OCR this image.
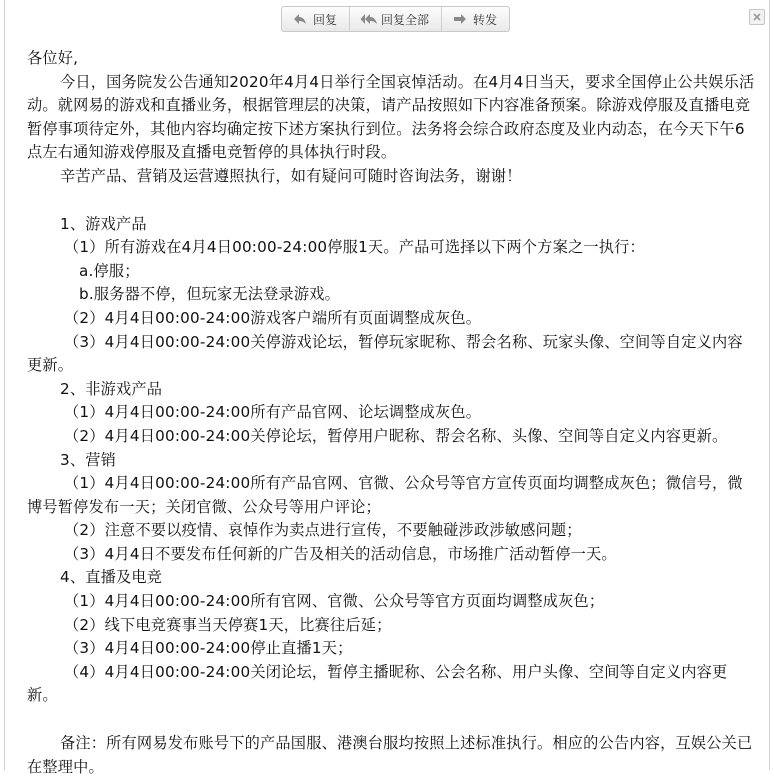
回复	回复全部	转发

各位好,

今日，国务院发公告通知2020年4月4日举行全国哀悼活动。在4月4日当天，要求全国停止公共娱乐活动。就网易的游戏和直播业务，根据管理层的决策，请产品按照如下内容准备预案。除游戏停服及直播电竞暂停事项待定外，其他内容均确定按下述方案执行到位。法务将会综合政府态度及业内动态，在今天下午6点左右通知游戏停服及直播电竞暂停的具体执行时段。

辛苦产品、营销及运营遵照执行，如有疑问可随时咨询法务，谢谢！

1、游戏产品

（1）所有游戏在4月4日00:00-24:00停服1天。产品可选择以下两个方案之一执行：

a.停服；

b.服务器不停，但玩家无法登录游戏。

（2）4月4日00:00-24:00游戏客户端所有页面调整成灰色。

（3）4月4日00:00-24:00关停游戏论坛，暂停玩家昵称、帮会名称、玩家头像、空间等自定义内容更新。

2、非游戏产品

（1）4月4日00:00-24:00所有产品官网、论坛调整成灰色。

（2）4月4日00:00-24:00关停论坛，暂停用户昵称、帮会名称、头像、空间等自定义内容更新。

3、营销

（1）4月4日00:00-24:00所有产品官网、官微、公众号等官方宣传页面均调整成灰色；微信号，微博号暂停发布一天；关闭官微、公众号等用户评论；

（2）注意不要以疫情、哀悼作为卖点进行宣传，不要触碰涉政涉敏感问题；

（3）4月4日不要发布任何新的广告及相关的活动信息，市场推广活动暂停一天。

4、直播及电竞

（1）4月4日00:00-24:00所有官网、官微、公众号等官方页面均调整成灰色；

（2）线下电竞赛事当天停赛1天，比赛往后延；

（3）4月4日00:00-24:00停止直播1天；

（4）4月4日00:00-24:00关闭论坛，暂停主播昵称、公会名称、用户头像、空间等自定义内容更新。

备注：所有网易发布账号下的产品国服、港澳台服均按照上述标准执行。相应的公告内容，互娱公关已在整理中。
